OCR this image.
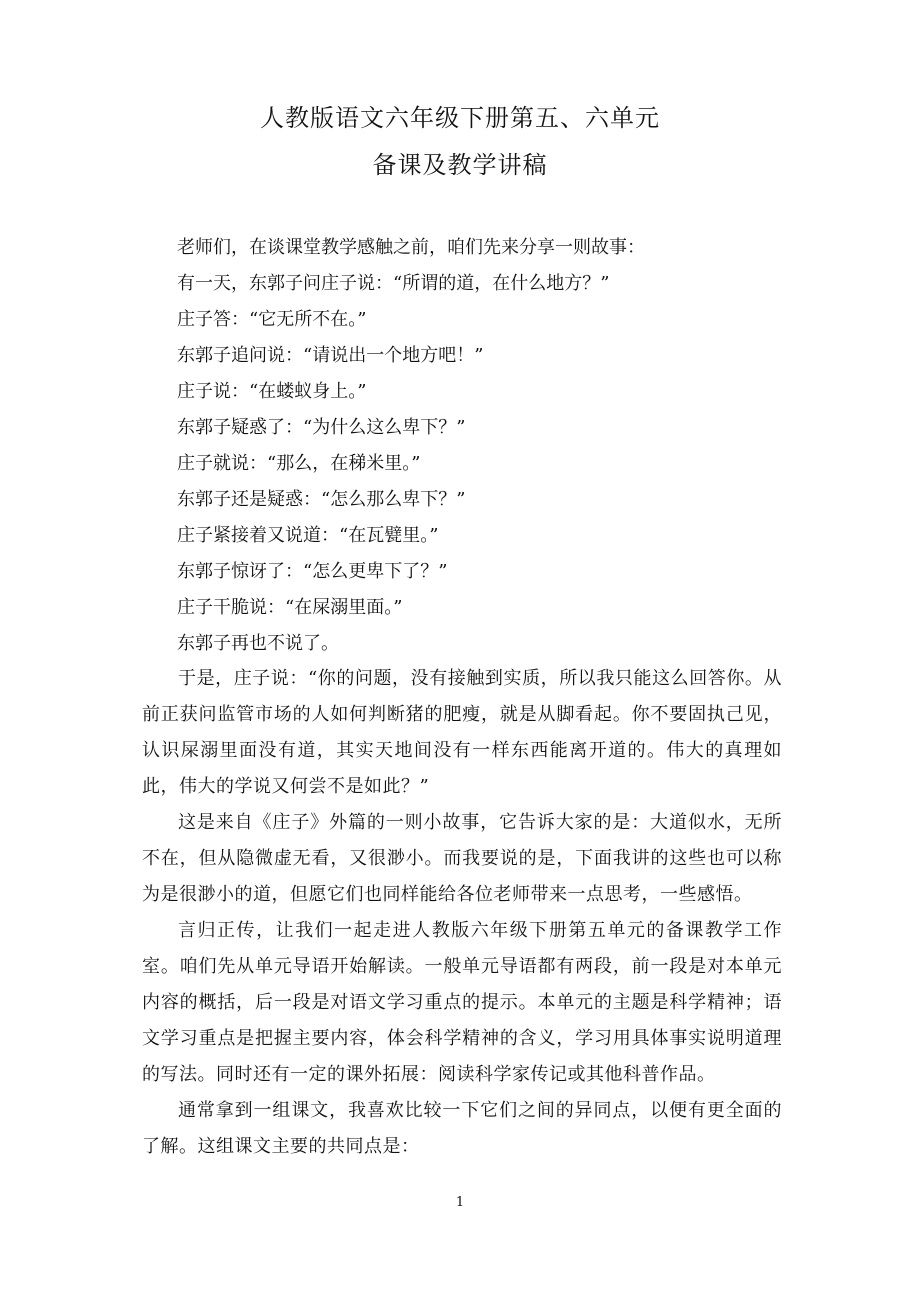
人教版语文六年级下册第五、六单元
备课及教学讲稿
老师们，在谈课堂教学感触之前，咱们先来分享一则故事：
有一天，东郭子问庄子说：“所谓的道，在什么地方？”
庄子答：“它无所不在。”
东郭子追问说：“请说出一个地方吧！”
庄子说：“在蝼蚁身上。”
东郭子疑惑了：“为什么这么卑下？”
庄子就说：“那么，在稊米里。”
东郭子还是疑惑：“怎么那么卑下？”
庄子紧接着又说道：“在瓦甓里。”
东郭子惊讶了：“怎么更卑下了？”
庄子干脆说：“在屎溺里面。”
东郭子再也不说了。

于是，庄子说：“你的问题，没有接触到实质，所以我只能这么回答你。从前正获问监管市场的人如何判断猪的肥瘦，就是从脚看起。你不要固执己见，认识屎溺里面没有道，其实天地间没有一样东西能离开道的。伟大的真理如此，伟大的学说又何尝不是如此？”

这是来自《庄子》外篇的一则小故事，它告诉大家的是：大道似水，无所不在，但从隐微虚无看，又很渺小。而我要说的是，下面我讲的这些也可以称为是很渺小的道，但愿它们也同样能给各位老师带来一点思考，一些感悟。

言归正传，让我们一起走进人教版六年级下册第五单元的备课教学工作室。咱们先从单元导语开始解读。一般单元导语都有两段，前一段是对本单元内容的概括，后一段是对语文学习重点的提示。本单元的主题是科学精神；语文学习重点是把握主要内容，体会科学精神的含义，学习用具体事实说明道理的写法。同时还有一定的课外拓展：阅读科学家传记或其他科普作品。

通常拿到一组课文，我喜欢比较一下它们之间的异同点，以便有更全面的了解。这组课文主要的共同点是：

1
